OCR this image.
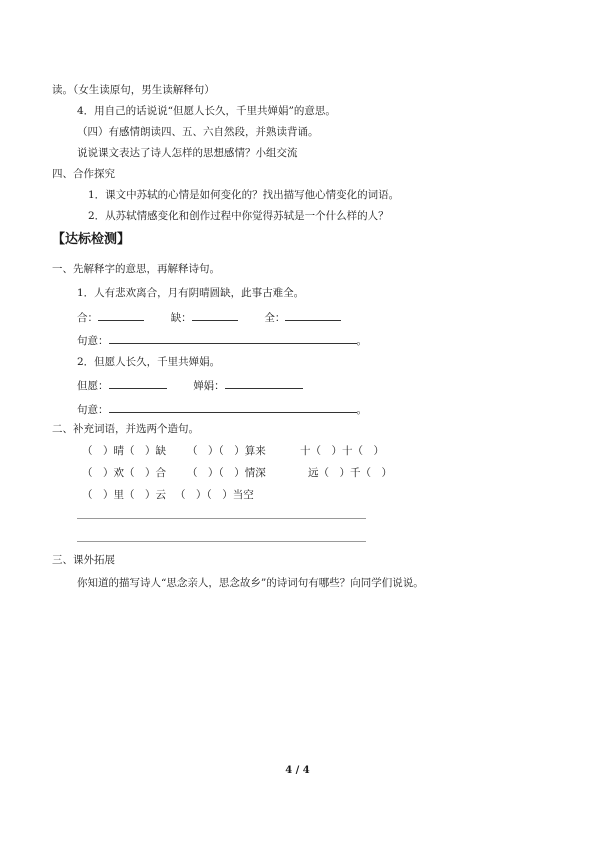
读。（女生读原句，男生读解释句）
4．用自己的话说说“但愿人长久，千里共婵娟”的意思。
（四）有感情朗读四、五、六自然段，并熟读背诵。
说说课文表达了诗人怎样的思想感情？小组交流
四、合作探究
1．课文中苏轼的心情是如何变化的？找出描写他心情变化的词语。
2．从苏轼情感变化和创作过程中你觉得苏轼是一个什么样的人？
【达标检测】
一、先解释字的意思，再解释诗句。
1．人有悲欢离合，月有阴晴圆缺，此事古难全。
合：	缺：	全：
句意：	。
2．但愿人长久，千里共婵娟。
但愿：	婵娟：
句意：	。
二、补充词语，并选两个造句。
（　）晴（　）缺 （　）（　）算来	十（　）十（　）
（　）欢（　）合 （　）（　）情深	远（　）千（　）
（　）里（　）云 （　）（　）当空
三、课外拓展
你知道的描写诗人“思念亲人，思念故乡”的诗词句有哪些？向同学们说说。
4 / 4
